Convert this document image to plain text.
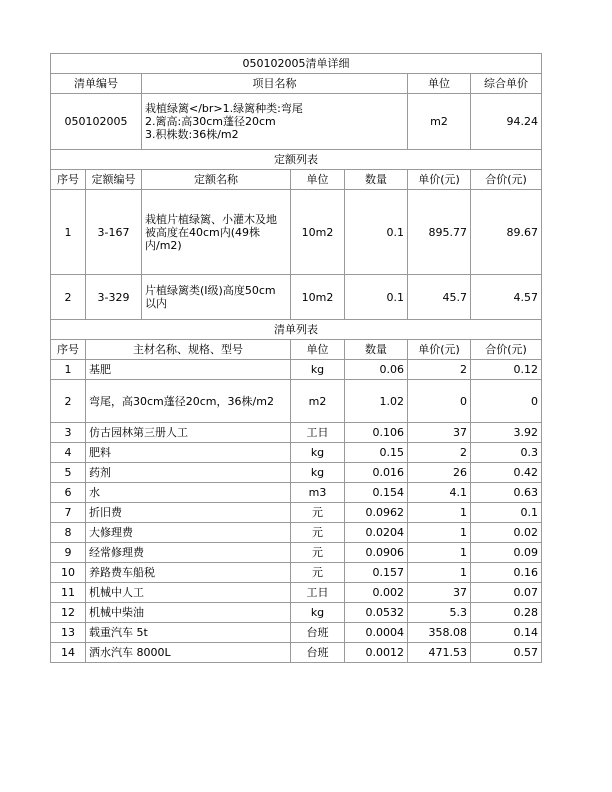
050102005清单详细			
清单编号	项目名称	单位	综合单价
050102005	栽植绿篱</br>1.绿篱种类:弯尾
2.篱高:高30cm蓬径20cm
3.积株数:36株/m2	m2	94.24
定额列表						
序号	定额编号	定额名称	单位	数量	单价(元)	合价(元)
1	3-167	栽植片植绿篱、小灌木及地
被高度在40cm内(49株
内/m2)	10m2	0.1	895.77	89.67
2	3-329	片植绿篱类(I级)高度50cm
以内	10m2	0.1	45.7	4.57
清单列表					
序号	主材名称、规格、型号	单位	数量	单价(元)	合价(元)
1	基肥	kg	0.06	2	0.12
2	弯尾，高30cm蓬径20cm，36株/m2	m2	1.02	0	0
3	仿古园林第三册人工	工日	0.106	37	3.92
4	肥料	kg	0.15	2	0.3
5	药剂	kg	0.016	26	0.42
6	水	m3	0.154	4.1	0.63
7	折旧费	元	0.0962	1	0.1
8	大修理费	元	0.0204	1	0.02
9	经常修理费	元	0.0906	1	0.09
10	养路费车船税	元	0.157	1	0.16
11	机械中人工	工日	0.002	37	0.07
12	机械中柴油	kg	0.0532	5.3	0.28
13	载重汽车 5t	台班	0.0004	358.08	0.14
14	洒水汽车 8000L	台班	0.0012	471.53	0.57
